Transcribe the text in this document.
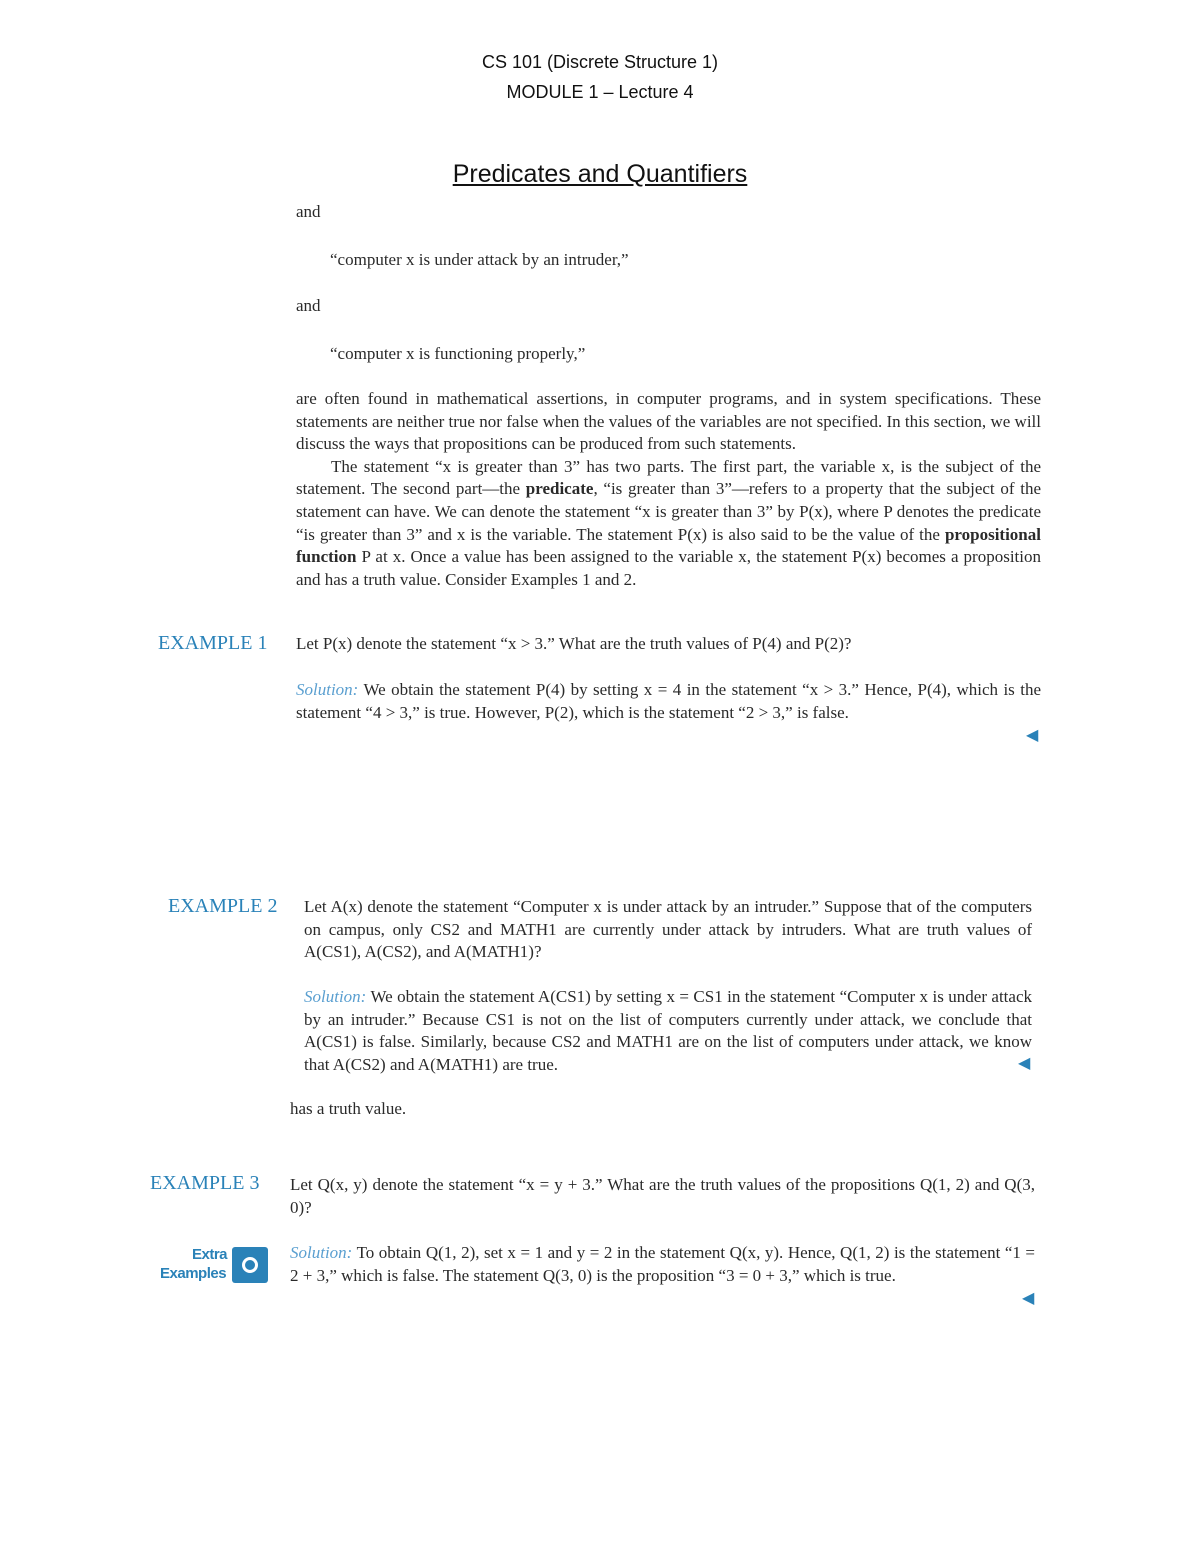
CS 101 (Discrete Structure 1)
MODULE 1 – Lecture 4
Predicates and Quantifiers
and
“computer x is under attack by an intruder,”
and
“computer x is functioning properly,”

are often found in mathematical assertions, in computer programs, and in system specifications. These statements are neither true nor false when the values of the variables are not specified. In this section, we will discuss the ways that propositions can be produced from such statements.

The statement “x is greater than 3” has two parts. The first part, the variable x, is the subject of the statement. The second part—the predicate, “is greater than 3”—refers to a property that the subject of the statement can have. We can denote the statement “x is greater than 3” by P(x), where P denotes the predicate “is greater than 3” and x is the variable. The statement P(x) is also said to be the value of the propositional function P at x. Once a value has been assigned to the variable x, the statement P(x) becomes a proposition and has a truth value. Consider Examples 1 and 2.

EXAMPLE 1 Let P(x) denote the statement “x > 3.” What are the truth values of P(4) and P(2)?
Solution: We obtain the statement P(4) by setting x = 4 in the statement “x > 3.” Hence, P(4), which is the statement “4 > 3,” is true. However, P(2), which is the statement “2 > 3,” is false.
◀
EXAMPLE 2 Let A(x) denote the statement “Computer x is under attack by an intruder.” Suppose that of the computers on campus, only CS2 and MATH1 are currently under attack by intruders. What are truth values of A(CS1), A(CS2), and A(MATH1)?
Solution: We obtain the statement A(CS1) by setting x = CS1 in the statement “Computer x is under attack by an intruder.” Because CS1 is not on the list of computers currently under attack, we conclude that A(CS1) is false. Similarly, because CS2 and MATH1 are on the list of computers under attack, we know that A(CS2) and A(MATH1) are true.	◀
has a truth value.
EXAMPLE 3 Let Q(x, y) denote the statement “x = y + 3.” What are the truth values of the propositions Q(1, 2) and Q(3, 0)?
Extra
Examples
Solution: To obtain Q(1, 2), set x = 1 and y = 2 in the statement Q(x, y). Hence, Q(1, 2) is the statement “1 = 2 + 3,” which is false. The statement Q(3, 0) is the proposition “3 = 0 + 3,” which is true.
◀
